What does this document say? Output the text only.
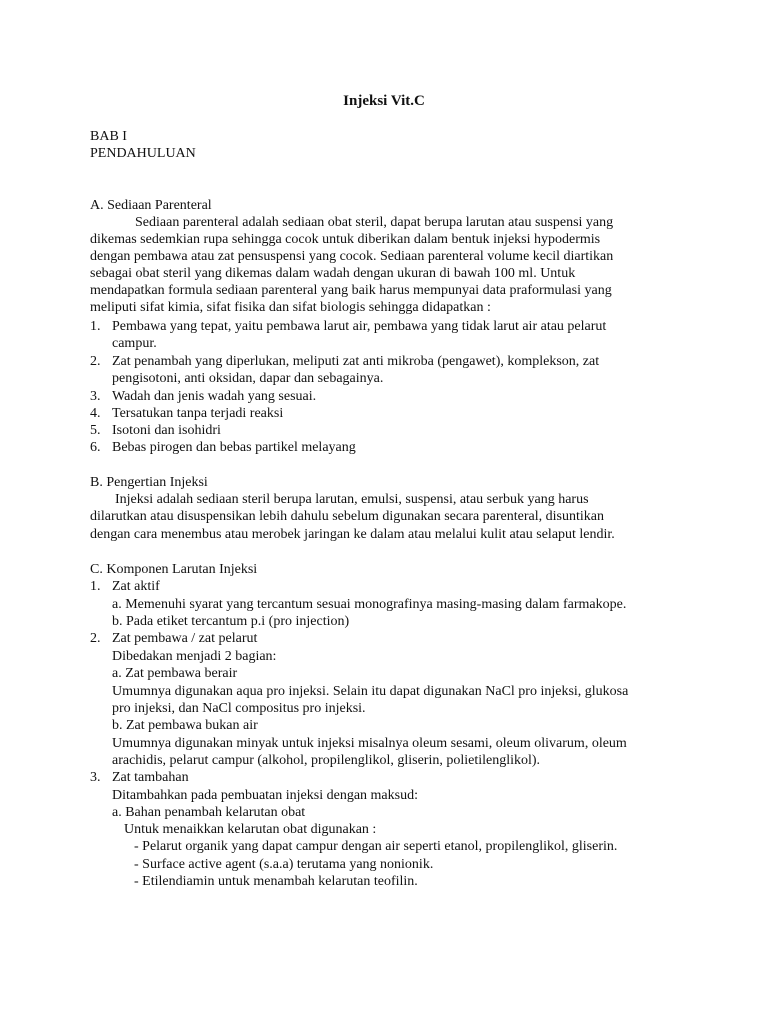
Injeksi Vit.C
BAB I
PENDAHULUAN
A. Sediaan Parenteral
Sediaan parenteral adalah sediaan obat steril, dapat berupa larutan atau suspensi yang
dikemas sedemkian rupa sehingga cocok untuk diberikan dalam bentuk injeksi hypodermis
dengan pembawa atau zat pensuspensi yang cocok. Sediaan parenteral volume kecil diartikan
sebagai obat steril yang dikemas dalam wadah dengan ukuran di bawah 100 ml. Untuk
mendapatkan formula sediaan parenteral yang baik harus mempunyai data praformulasi yang
meliputi sifat kimia, sifat fisika dan sifat biologis sehingga didapatkan :
1. Pembawa yang tepat, yaitu pembawa larut air, pembawa yang tidak larut air atau pelarut
campur.
2. Zat penambah yang diperlukan, meliputi zat anti mikroba (pengawet), komplekson, zat
pengisotoni, anti oksidan, dapar dan sebagainya.
3. Wadah dan jenis wadah yang sesuai.
4. Tersatukan tanpa terjadi reaksi
5. Isotoni dan isohidri
6. Bebas pirogen dan bebas partikel melayang
B. Pengertian Injeksi
Injeksi adalah sediaan steril berupa larutan, emulsi, suspensi, atau serbuk yang harus
dilarutkan atau disuspensikan lebih dahulu sebelum digunakan secara parenteral, disuntikan
dengan cara menembus atau merobek jaringan ke dalam atau melalui kulit atau selaput lendir.
C. Komponen Larutan Injeksi
1. Zat aktif
a. Memenuhi syarat yang tercantum sesuai monografinya masing-masing dalam farmakope.
b. Pada etiket tercantum p.i (pro injection)
2. Zat pembawa / zat pelarut
Dibedakan menjadi 2 bagian:
a. Zat pembawa berair
Umumnya digunakan aqua pro injeksi. Selain itu dapat digunakan NaCl pro injeksi, glukosa
pro injeksi, dan NaCl compositus pro injeksi.
b. Zat pembawa bukan air
Umumnya digunakan minyak untuk injeksi misalnya oleum sesami, oleum olivarum, oleum
arachidis, pelarut campur (alkohol, propilenglikol, gliserin, polietilenglikol).
3. Zat tambahan
Ditambahkan pada pembuatan injeksi dengan maksud:
a. Bahan penambah kelarutan obat
Untuk menaikkan kelarutan obat digunakan :
- Pelarut organik yang dapat campur dengan air seperti etanol, propilenglikol, gliserin.
- Surface active agent (s.a.a) terutama yang nonionik.
- Etilendiamin untuk menambah kelarutan teofilin.
